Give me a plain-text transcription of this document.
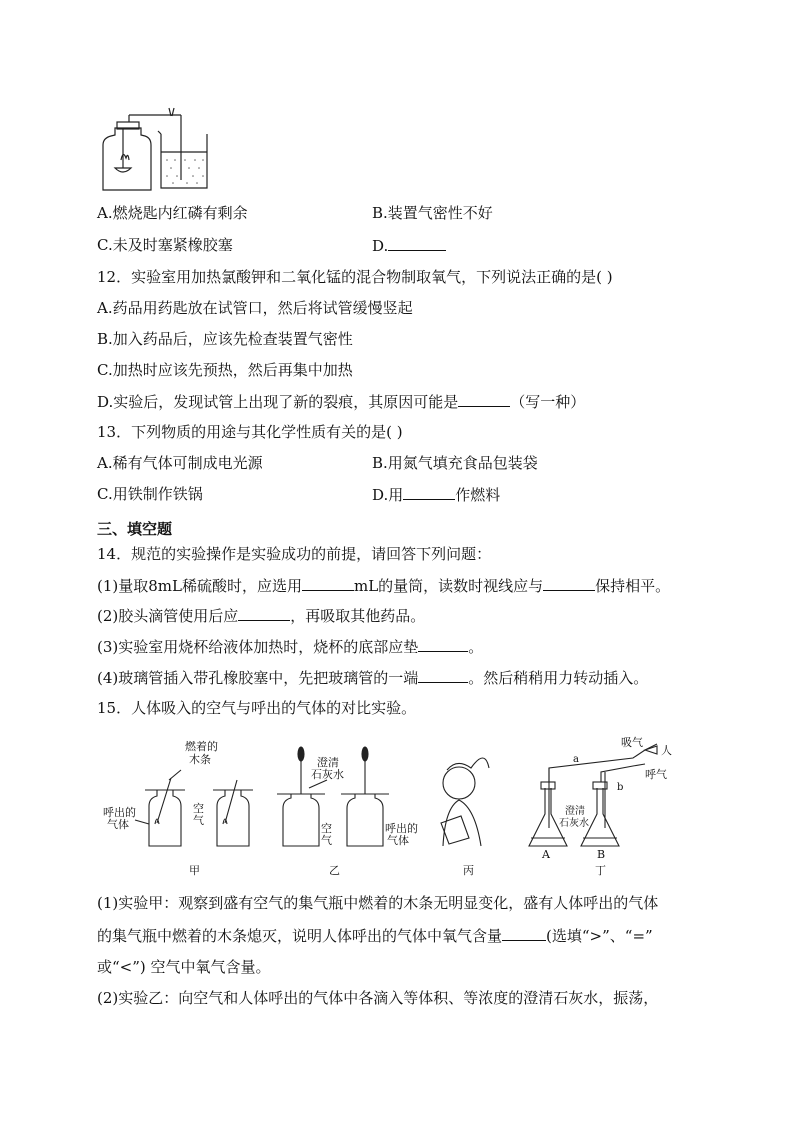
A.燃烧匙内红磷有剩余	B.装置气密性不好
C.未及时塞紧橡胶塞	D.
12．实验室用加热氯酸钾和二氧化锰的混合物制取氧气，下列说法正确的是( )
A.药品用药匙放在试管口，然后将试管缓慢竖起
B.加入药品后，应该先检查装置气密性
C.加热时应该先预热，然后再集中加热
D.实验后，发现试管上出现了新的裂痕，其原因可能是	（写一种）
13．下列物质的用途与其化学性质有关的是( )
A.稀有气体可制成电光源	B.用氮气填充食品包装袋
C.用铁制作铁锅	D.用	作燃料
三、填空题
14．规范的实验操作是实验成功的前提，请回答下列问题：
(1)量取8mL稀硫酸时，应选用	mL的量筒，读数时视线应与	保持相平。
(2)胶头滴管使用后应	，再吸取其他药品。
(3)实验室用烧杯给液体加热时，烧杯的底部应垫	。
(4)玻璃管插入带孔橡胶塞中，先把玻璃管的一端	。然后稍稍用力转动插入。
15．人体吸入的空气与呼出的气体的对比实验。
燃着的
木条
呼出的
气体
空
气
澄清
石灰水
空
气
呼出的
气体
吸气
人
呼气
a
b
澄清
石灰水
A	B
甲	乙	丙	丁
(1)实验甲：观察到盛有空气的集气瓶中燃着的木条无明显变化，盛有人体呼出的气体
的集气瓶中燃着的木条熄灭，说明人体呼出的气体中氧气含量	(选填“>”、“=”
或“<”) 空气中氧气含量。
(2)实验乙：向空气和人体呼出的气体中各滴入等体积、等浓度的澄清石灰水，振荡，
